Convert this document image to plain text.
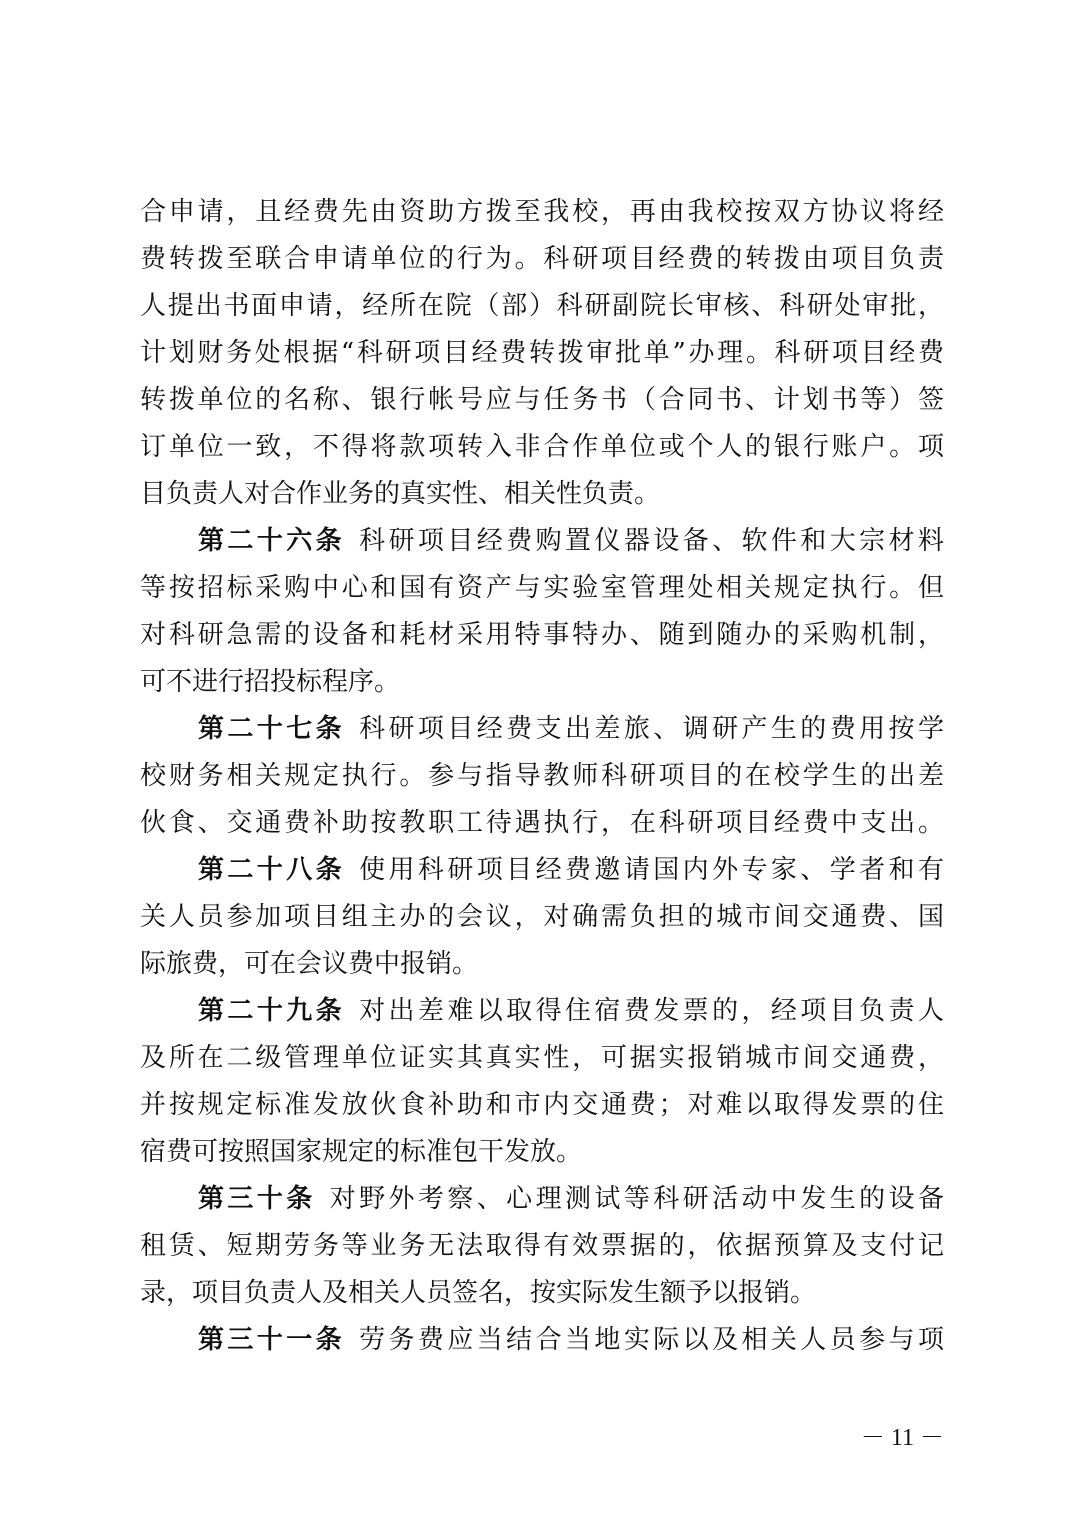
合申请，且经费先由资助方拨至我校，再由我校按双方协议将经
费转拨至联合申请单位的行为。科研项目经费的转拨由项目负责
人提出书面申请，经所在院（部）科研副院长审核、科研处审批，
计划财务处根据“科研项目经费转拨审批单”办理。科研项目经费
转拨单位的名称、银行帐号应与任务书（合同书、计划书等）签
订单位一致，不得将款项转入非合作单位或个人的银行账户。项
目负责人对合作业务的真实性、相关性负责。
第二十六条 科研项目经费购置仪器设备、软件和大宗材料
等按招标采购中心和国有资产与实验室管理处相关规定执行。但
对科研急需的设备和耗材采用特事特办、随到随办的采购机制，
可不进行招投标程序。
第二十七条 科研项目经费支出差旅、调研产生的费用按学
校财务相关规定执行。参与指导教师科研项目的在校学生的出差
伙食、交通费补助按教职工待遇执行，在科研项目经费中支出。
第二十八条 使用科研项目经费邀请国内外专家、学者和有
关人员参加项目组主办的会议，对确需负担的城市间交通费、国
际旅费，可在会议费中报销。
第二十九条 对出差难以取得住宿费发票的，经项目负责人
及所在二级管理单位证实其真实性，可据实报销城市间交通费，
并按规定标准发放伙食补助和市内交通费；对难以取得发票的住
宿费可按照国家规定的标准包干发放。
第三十条 对野外考察、心理测试等科研活动中发生的设备
租赁、短期劳务等业务无法取得有效票据的，依据预算及支付记
录，项目负责人及相关人员签名，按实际发生额予以报销。
第三十一条 劳务费应当结合当地实际以及相关人员参与项
－ 11 －
